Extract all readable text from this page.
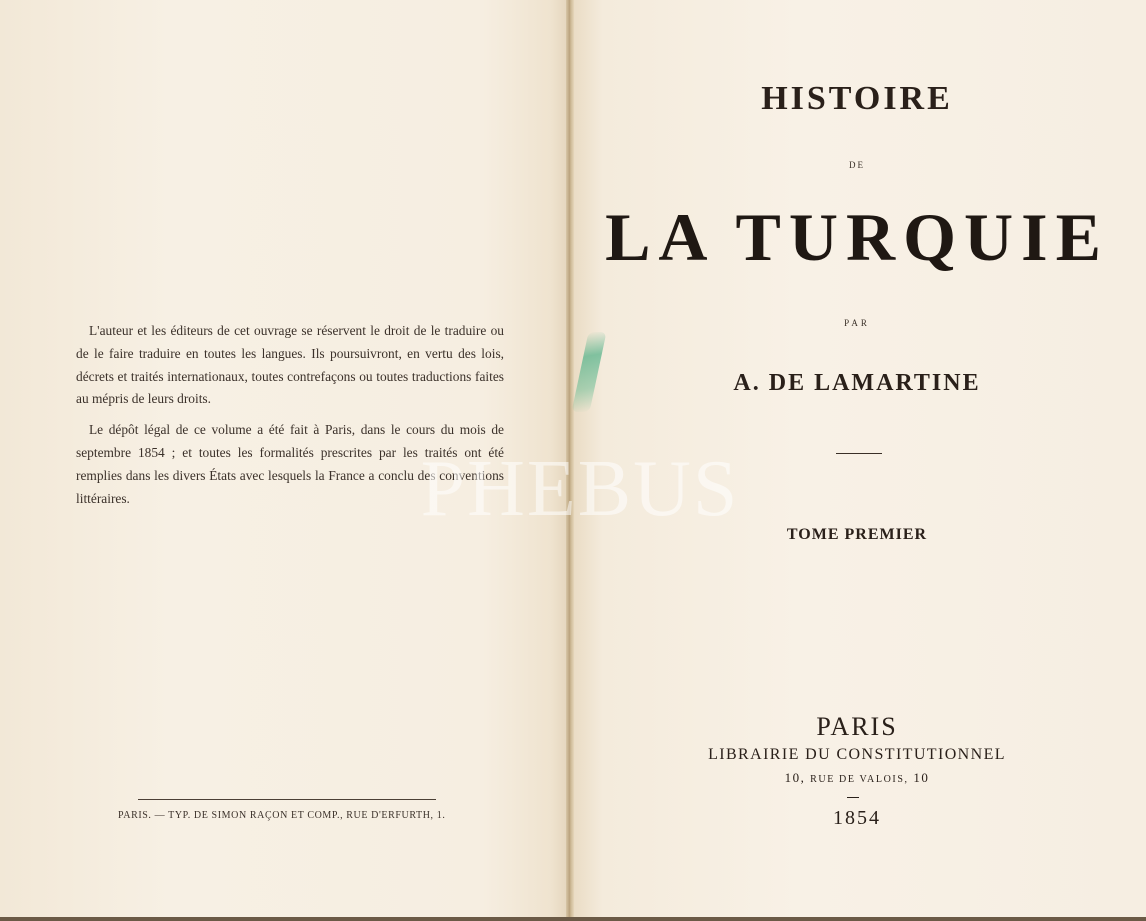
L'auteur et les éditeurs de cet ouvrage se réservent le droit de le traduire ou de le faire traduire en toutes les langues. Ils poursuivront, en vertu des lois, décrets et traités internationaux, toutes contrefaçons ou toutes traductions faites au mépris de leurs droits.

Le dépôt légal de ce volume a été fait à Paris, dans le cours du mois de septembre 1854 ; et toutes les formalités prescrites par les traités ont été remplies dans les divers États avec lesquels la France a conclu des conventions littéraires.

PARIS. — TYP. DE SIMON RAÇON ET COMP., RUE D'ERFURTH, 1.
HISTOIRE
DE
LA TURQUIE
PAR
A. DE LAMARTINE
TOME PREMIER
PARIS
LIBRAIRIE DU CONSTITUTIONNEL
10, RUE DE VALOIS, 10
1854
PHEBUS
